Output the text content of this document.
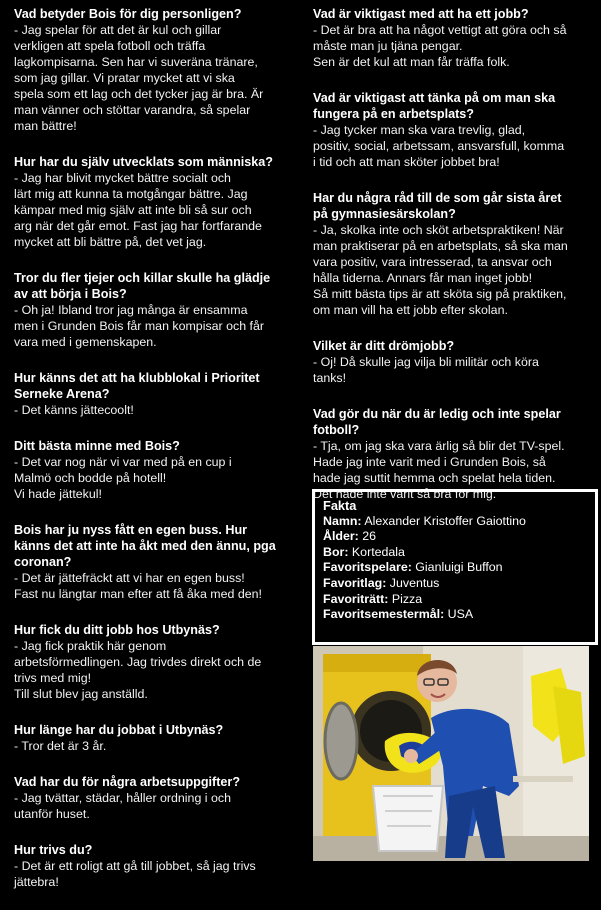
Vad betyder Bois för dig personligen?

- Jag spelar för att det är kul och gillar
verkligen att spela fotboll och träffa
lagkompisarna. Sen har vi suveräna tränare,
som jag gillar. Vi pratar mycket att vi ska
spela som ett lag och det tycker jag är bra. Är
man vänner och stöttar varandra, så spelar
man bättre!

Hur har du själv utvecklats som människa?

- Jag har blivit mycket bättre socialt och
lärt mig att kunna ta motgångar bättre. Jag
kämpar med mig själv att inte bli så sur och
arg när det går emot. Fast jag har fortfarande
mycket att bli bättre på, det vet jag.

Tror du fler tjejer och killar skulle ha glädje
av att börja i Bois?

- Oh ja! Ibland tror jag många är ensamma
men i Grunden Bois får man kompisar och får
vara med i gemenskapen.

Hur känns det att ha klubblokal i Prioritet
Serneke Arena?

- Det känns jättecoolt!

Ditt bästa minne med Bois?

- Det var nog när vi var med på en cup i
Malmö och bodde på hotell!
Vi hade jättekul!

Bois har ju nyss fått en egen buss. Hur
känns det att inte ha åkt med den ännu, pga
coronan?

- Det är jättefräckt att vi har en egen buss!
Fast nu längtar man efter att få åka med den!

Hur fick du ditt jobb hos Utbynäs?

- Jag fick praktik här genom
arbetsförmedlingen. Jag trivdes direkt och de
trivs med mig!
Till slut blev jag anställd.

Hur länge har du jobbat i Utbynäs?

- Tror det är 3 år.

Vad har du för några arbetsuppgifter?

- Jag tvättar, städar, håller ordning i och
utanför huset.

Hur trivs du?

- Det är ett roligt att gå till jobbet, så jag trivs
jättebra!

Vad är viktigast med att ha ett jobb?

- Det är bra att ha något vettigt att göra och så
måste man ju tjäna pengar.
Sen är det kul att man får träffa folk.

Vad är viktigast att tänka på om man ska
fungera på en arbetsplats?

- Jag tycker man ska vara trevlig, glad,
positiv, social, arbetssam, ansvarsfull, komma
i tid och att man sköter jobbet bra!

Har du några råd till de som går sista året
på gymnasiesärskolan?

- Ja, skolka inte och sköt arbetspraktiken! När
man praktiserar på en arbetsplats, så ska man
vara positiv, vara intresserad, ta ansvar och
hålla tiderna. Annars får man inget jobb!
Så mitt bästa tips är att sköta sig på praktiken,
om man vill ha ett jobb efter skolan.

Vilket är ditt drömjobb?

- Oj! Då skulle jag vilja bli militär och köra
tanks!

Vad gör du när du är ledig och inte spelar
fotboll?

- Tja, om jag ska vara ärlig så blir det TV-spel.
Hade jag inte varit med i Grunden Bois, så
hade jag suttit hemma och spelat hela tiden.
Det hade inte varit så bra för mig.

Fakta
Namn: Alexander Kristoffer Gaiottino
Ålder: 26
Bor: Kortedala
Favoritspelare: Gianluigi Buffon
Favoritlag: Juventus
Favoriträtt: Pizza
Favoritsemestermål: USA
